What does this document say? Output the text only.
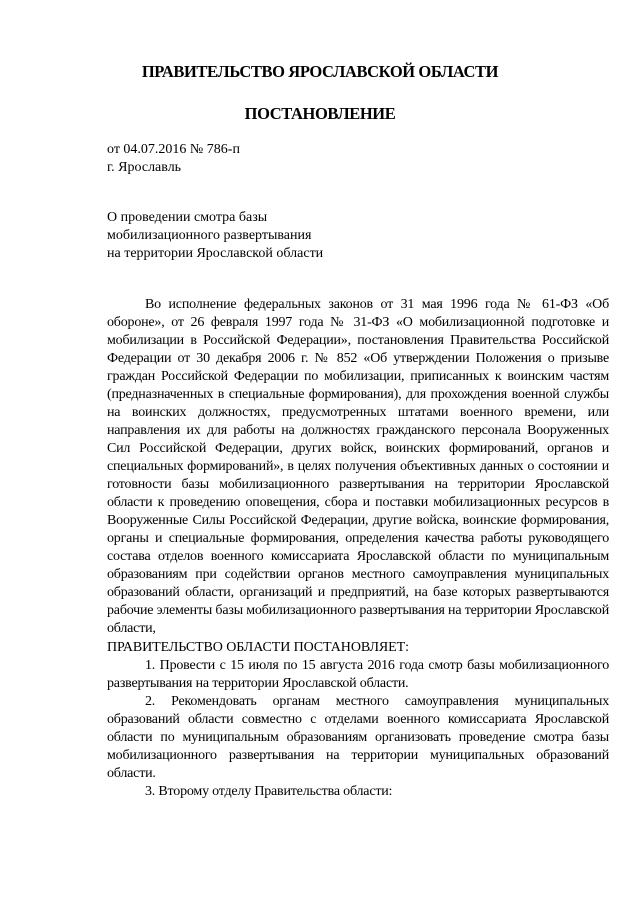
ПРАВИТЕЛЬСТВО ЯРОСЛАВСКОЙ ОБЛАСТИ
ПОСТАНОВЛЕНИЕ
от 04.07.2016 № 786-п
г. Ярославль
О проведении смотра базы
мобилизационного развертывания
на территории Ярославской области

Во исполнение федеральных законов от 31 мая 1996 года № 61-ФЗ «Об обороне», от 26 февраля 1997 года № 31-ФЗ «О мобилизационной подготовке и мобилизации в Российской Федерации», постановления Правительства Российской Федерации от 30 декабря 2006 г. № 852 «Об утверждении Положения о призыве граждан Российской Федерации по мобилизации, приписанных к воинским частям (предназначенных в специальные формирования), для прохождения военной службы на воинских должностях, предусмотренных штатами военного времени, или направления их для работы на должностях гражданского персонала Вооруженных Сил Российской Федерации, других войск, воинских формирований, органов и специальных формирований», в целях получения объективных данных о состоянии и готовности базы мобилизационного развертывания на территории Ярославской области к проведению оповещения, сбора и поставки мобилизационных ресурсов в Вооруженные Силы Российской Федерации, другие войска, воинские формирования, органы и специальные формирования, определения качества работы руководящего состава отделов военного комиссариата Ярославской области по муниципальным образованиям при содействии органов местного самоуправления муниципальных образований области, организаций и предприятий, на базе которых развертываются рабочие элементы базы мобилизационного развертывания на территории Ярославской области,

ПРАВИТЕЛЬСТВО ОБЛАСТИ ПОСТАНОВЛЯЕТ:

1. Провести с 15 июля по 15 августа 2016 года смотр базы мобилизационного развертывания на территории Ярославской области.

2. Рекомендовать органам местного самоуправления муниципальных образований области совместно с отделами военного комиссариата Ярославской области по муниципальным образованиям организовать проведение смотра базы мобилизационного развертывания на территории муниципальных образований области.

3. Второму отделу Правительства области:
